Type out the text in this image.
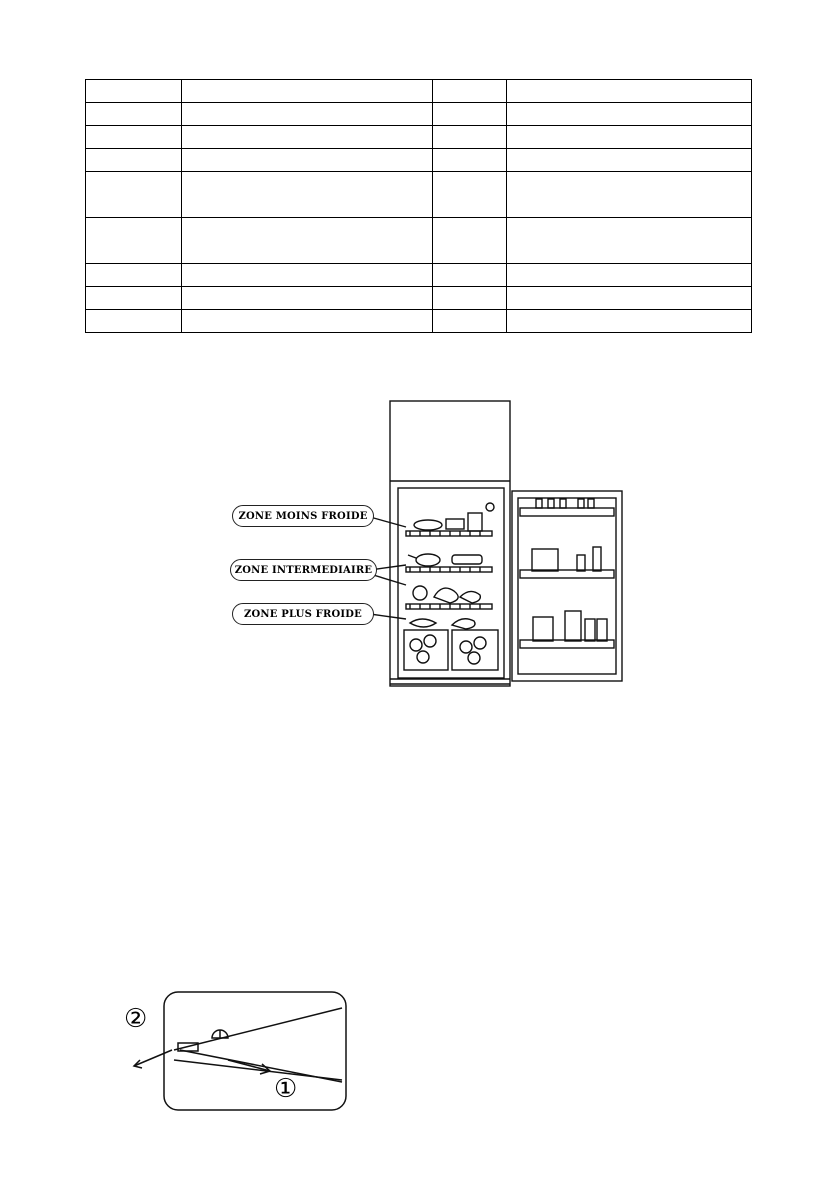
ZONE MOINS FROIDE
ZONE INTERMEDIAIRE
ZONE PLUS FROIDE
②
①
